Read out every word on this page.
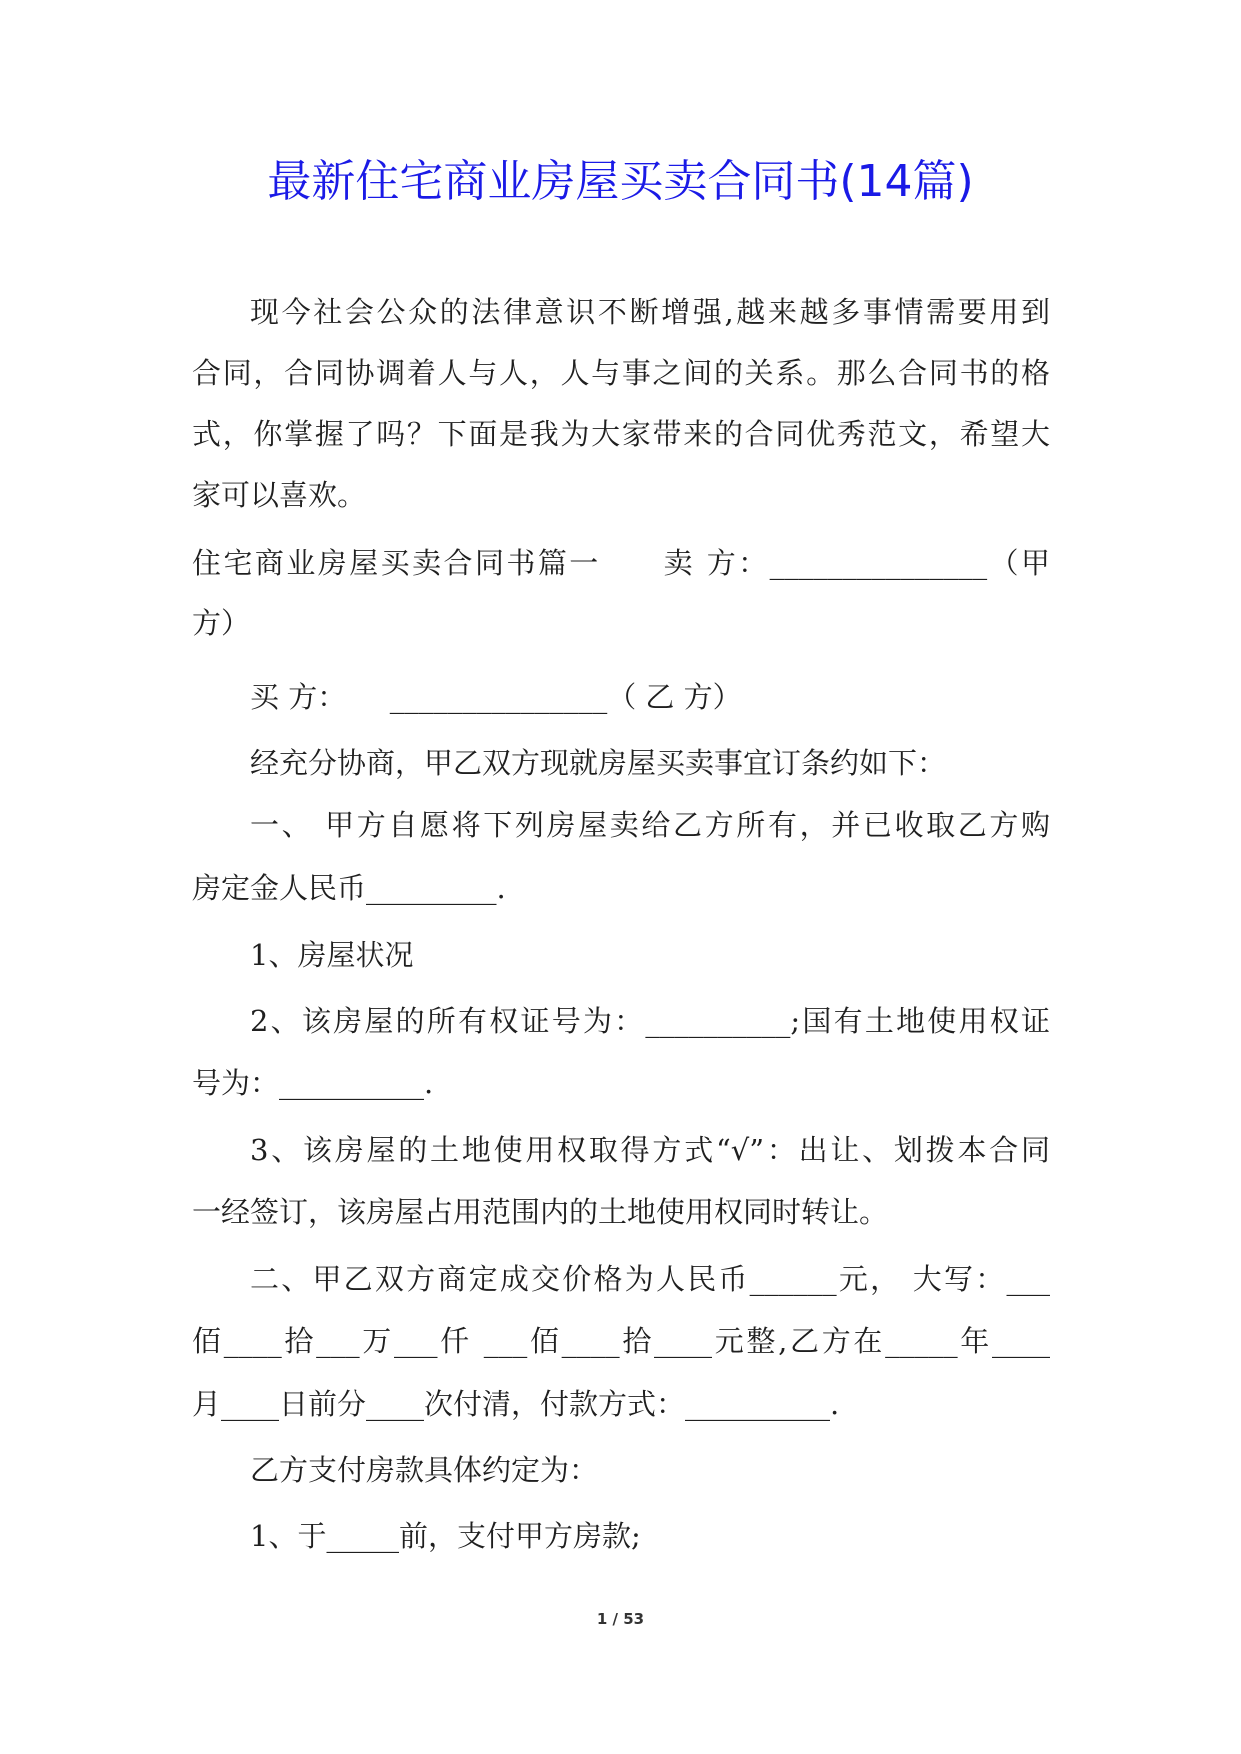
最新住宅商业房屋买卖合同书(14篇)
现今社会公众的法律意识不断增强,越来越多事情需要用到
合同，合同协调着人与人，人与事之间的关系。那么合同书的格
式，你掌握了吗？下面是我为大家带来的合同优秀范文，希望大
家可以喜欢。
住宅商业房屋买卖合同书篇一　　卖 方：_______________（甲
方）
买 方：　　_______________（ 乙 方）
经充分协商，甲乙双方现就房屋买卖事宜订条约如下：
一、 甲方自愿将下列房屋卖给乙方所有，并已收取乙方购
房定金人民币_________.
1、房屋状况
2、该房屋的所有权证号为：__________;国有土地使用权证
号为：__________.
3、该房屋的土地使用权取得方式“√”：出让、划拨本合同
一经签订，该房屋占用范围内的土地使用权同时转让。
二、甲乙双方商定成交价格为人民币______元， 大写：___
佰____拾___万___仟 ___佰____拾____元整,乙方在_____年____
月____日前分____次付清，付款方式：__________.
乙方支付房款具体约定为：
1、于_____前，支付甲方房款;
1 / 53
